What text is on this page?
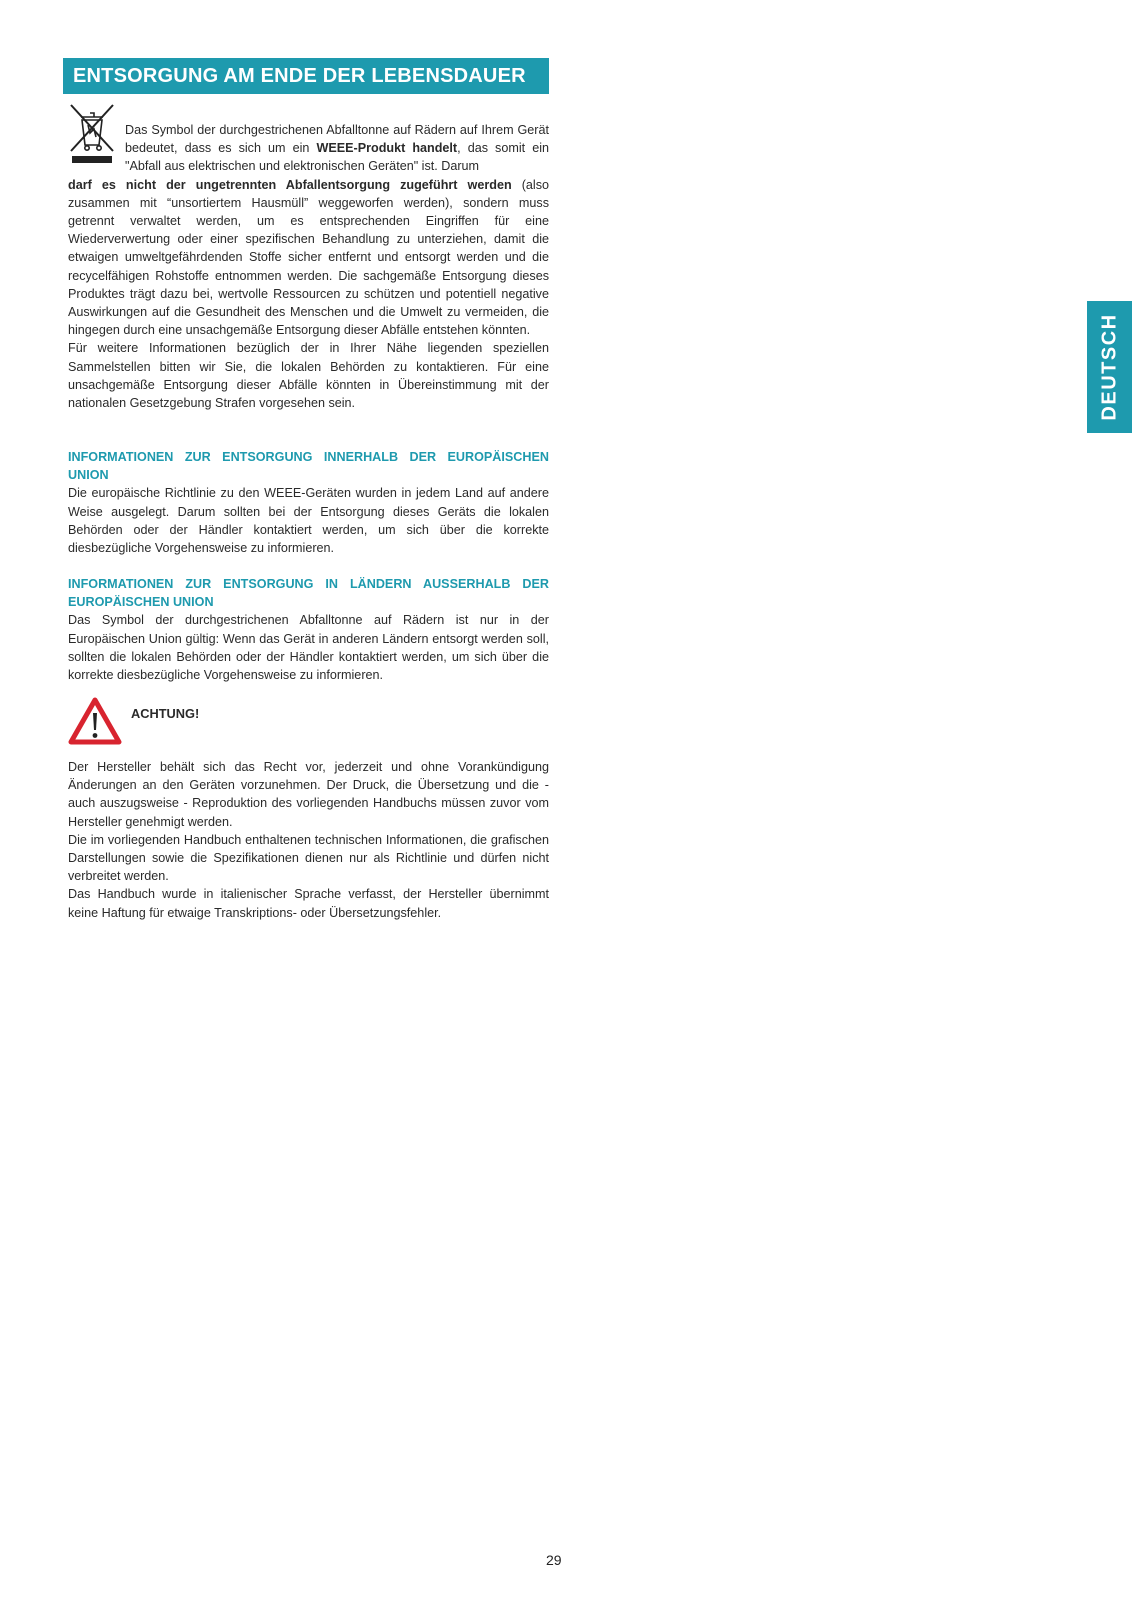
ENTSORGUNG AM ENDE DER LEBENSDAUER

Das Symbol der durchgestrichenen Abfalltonne auf Rädern auf Ihrem Gerät bedeutet, dass es sich um ein WEEE-Produkt handelt, das somit ein "Abfall aus elektrischen und elektronischen Geräten" ist. Darum

darf es nicht der ungetrennten Abfallentsorgung zugeführt werden (also zusammen mit “unsortiertem Hausmüll” weggeworfen werden), sondern muss getrennt verwaltet werden, um es entsprechenden Eingriffen für eine Wiederverwertung oder einer spezifischen Behandlung zu unterziehen, damit die etwaigen umweltgefährdenden Stoffe sicher entfernt und entsorgt werden und die recycelfähigen Rohstoffe entnommen werden. Die sachgemäße Entsorgung dieses Produktes trägt dazu bei, wertvolle Ressourcen zu schützen und potentiell negative Auswirkungen auf die Gesundheit des Menschen und die Umwelt zu vermeiden, die hingegen durch eine unsachgemäße Entsorgung dieser Abfälle entstehen könnten.

Für weitere Informationen bezüglich der in Ihrer Nähe liegenden speziellen Sammelstellen bitten wir Sie, die lokalen Behörden zu kontaktieren. Für eine unsachgemäße Entsorgung dieser Abfälle könnten in Übereinstimmung mit der nationalen Gesetzgebung Strafen vorgesehen sein.

INFORMATIONEN ZUR ENTSORGUNG INNERHALB DER EUROPÄISCHEN UNION

Die europäische Richtlinie zu den WEEE-Geräten wurden in jedem Land auf andere Weise ausgelegt. Darum sollten bei der Entsorgung dieses Geräts die lokalen Behörden oder der Händler kontaktiert werden, um sich über die korrekte diesbezügliche Vorgehensweise zu informieren.

INFORMATIONEN ZUR ENTSORGUNG IN LÄNDERN AUSSERHALB DER EUROPÄISCHEN UNION

Das Symbol der durchgestrichenen Abfalltonne auf Rädern ist nur in der Europäischen Union gültig: Wenn das Gerät in anderen Ländern entsorgt werden soll, sollten die lokalen Behörden oder der Händler kontaktiert werden, um sich über die korrekte diesbezügliche Vorgehensweise zu informieren.

ACHTUNG!

Der Hersteller behält sich das Recht vor, jederzeit und ohne Vorankündigung Änderungen an den Geräten vorzunehmen. Der Druck, die Übersetzung und die - auch auszugsweise - Reproduktion des vorliegenden Handbuchs müssen zuvor vom Hersteller genehmigt werden.

Die im vorliegenden Handbuch enthaltenen technischen Informationen, die grafischen Darstellungen sowie die Spezifikationen dienen nur als Richtlinie und dürfen nicht verbreitet werden.

Das Handbuch wurde in italienischer Sprache verfasst, der Hersteller übernimmt keine Haftung für etwaige Transkriptions- oder Übersetzungsfehler.

DEUTSCH
29
